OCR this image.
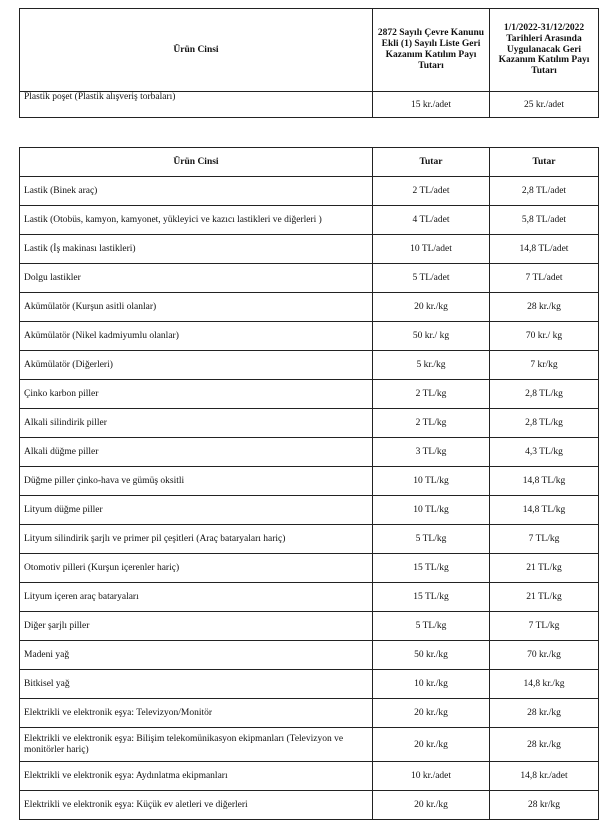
Ürün Cinsi	2872 Sayılı Çevre Kanunu Ekli (1) Sayılı Liste Geri Kazanım Katılım Payı Tutarı	1/1/2022-31/12/2022 Tarihleri Arasında Uygulanacak Geri Kazanım Katılım Payı Tutarı
Plastik poşet (Plastik alışveriş torbaları)	15 kr./adet	25 kr./adet
Ürün Cinsi	Tutar	Tutar
Lastik (Binek araç)	2 TL/adet	2,8 TL/adet
Lastik (Otobüs, kamyon, kamyonet, yükleyici ve kazıcı lastikleri ve diğerleri )	4 TL/adet	5,8 TL/adet
Lastik (İş makinası lastikleri)	10 TL/adet	14,8 TL/adet
Dolgu lastikler	5 TL/adet	7 TL/adet
Akümülatör (Kurşun asitli olanlar)	20 kr./kg	28 kr./kg
Akümülatör (Nikel kadmiyumlu olanlar)	50 kr./ kg	70 kr./ kg
Akümülatör (Diğerleri)	5 kr./kg	7 kr/kg
Çinko karbon piller	2 TL/kg	2,8 TL/kg
Alkali silindirik piller	2 TL/kg	2,8 TL/kg
Alkali düğme piller	3 TL/kg	4,3 TL/kg
Düğme piller çinko-hava ve gümüş oksitli	10 TL/kg	14,8 TL/kg
Lityum düğme piller	10 TL/kg	14,8 TL/kg
Lityum silindirik şarjlı ve primer pil çeşitleri (Araç bataryaları hariç)	5 TL/kg	7 TL/kg
Otomotiv pilleri (Kurşun içerenler hariç)	15 TL/kg	21 TL/kg
Lityum içeren araç bataryaları	15 TL/kg	21 TL/kg
Diğer şarjlı piller	5 TL/kg	7 TL/kg
Madeni yağ	50 kr./kg	70 kr./kg
Bitkisel yağ	10 kr./kg	14,8 kr./kg
Elektrikli ve elektronik eşya: Televizyon/Monitör	20 kr./kg	28 kr./kg
Elektrikli ve elektronik eşya: Bilişim telekomünikasyon ekipmanları (Televizyon ve monitörler hariç)	20 kr./kg	28 kr./kg
Elektrikli ve elektronik eşya: Aydınlatma ekipmanları	10 kr./adet	14,8 kr./adet
Elektrikli ve elektronik eşya: Küçük ev aletleri ve diğerleri	20 kr./kg	28 kr/kg
